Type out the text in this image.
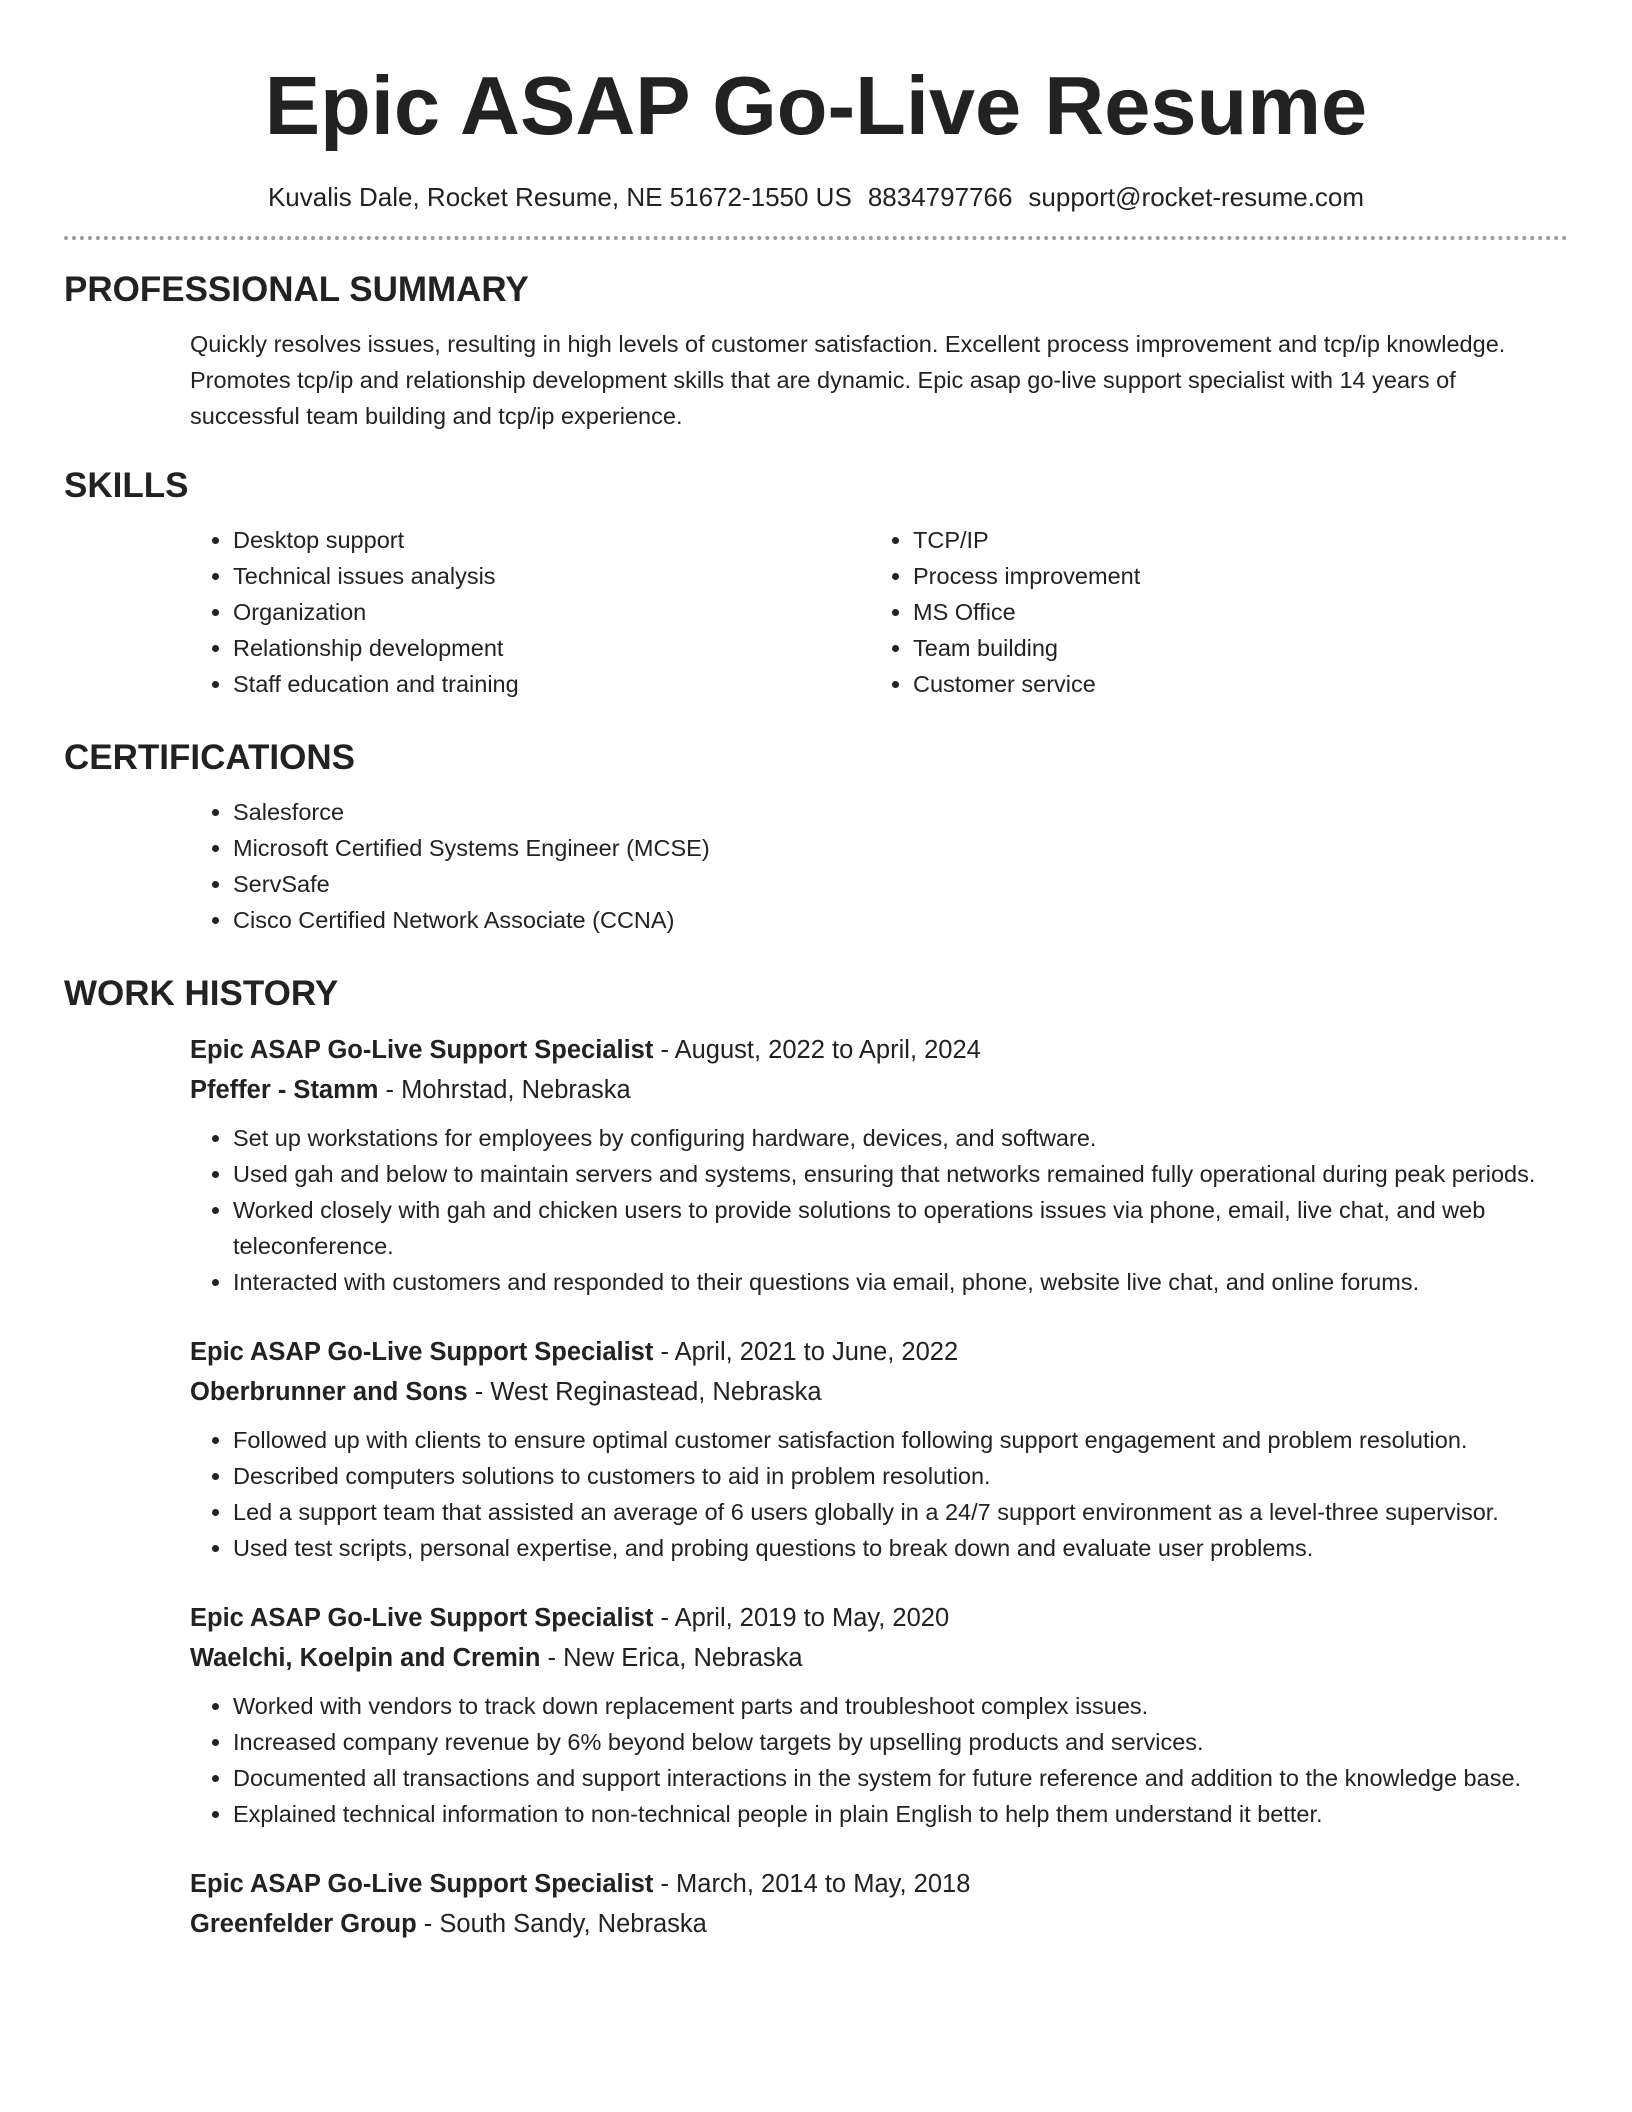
Epic ASAP Go-Live Resume
Kuvalis Dale, Rocket Resume, NE 51672-1550 US 8834797766 support@rocket-resume.com
PROFESSIONAL SUMMARY

Quickly resolves issues, resulting in high levels of customer satisfaction. Excellent process improvement and tcp/ip knowledge. Promotes tcp/ip and relationship development skills that are dynamic. Epic asap go-live support specialist with 14 years of successful team building and tcp/ip experience.

SKILLS
• Desktop support
• Technical issues analysis
• Organization
• Relationship development
• Staff education and training
• TCP/IP
• Process improvement
• MS Office
• Team building
• Customer service
CERTIFICATIONS
• Salesforce
• Microsoft Certified Systems Engineer (MCSE)
• ServSafe
• Cisco Certified Network Associate (CCNA)
WORK HISTORY
Epic ASAP Go-Live Support Specialist - August, 2022 to April, 2024
Pfeffer - Stamm - Mohrstad, Nebraska
• Set up workstations for employees by configuring hardware, devices, and software.
• Used gah and below to maintain servers and systems, ensuring that networks remained fully operational during peak periods.
• Worked closely with gah and chicken users to provide solutions to operations issues via phone, email, live chat, and web teleconference.
• Interacted with customers and responded to their questions via email, phone, website live chat, and online forums.
Epic ASAP Go-Live Support Specialist - April, 2021 to June, 2022
Oberbrunner and Sons - West Reginastead, Nebraska
• Followed up with clients to ensure optimal customer satisfaction following support engagement and problem resolution.
• Described computers solutions to customers to aid in problem resolution.
• Led a support team that assisted an average of 6 users globally in a 24/7 support environment as a level-three supervisor.
• Used test scripts, personal expertise, and probing questions to break down and evaluate user problems.
Epic ASAP Go-Live Support Specialist - April, 2019 to May, 2020
Waelchi, Koelpin and Cremin - New Erica, Nebraska
• Worked with vendors to track down replacement parts and troubleshoot complex issues.
• Increased company revenue by 6% beyond below targets by upselling products and services.
• Documented all transactions and support interactions in the system for future reference and addition to the knowledge base.
• Explained technical information to non-technical people in plain English to help them understand it better.
Epic ASAP Go-Live Support Specialist - March, 2014 to May, 2018
Greenfelder Group - South Sandy, Nebraska
